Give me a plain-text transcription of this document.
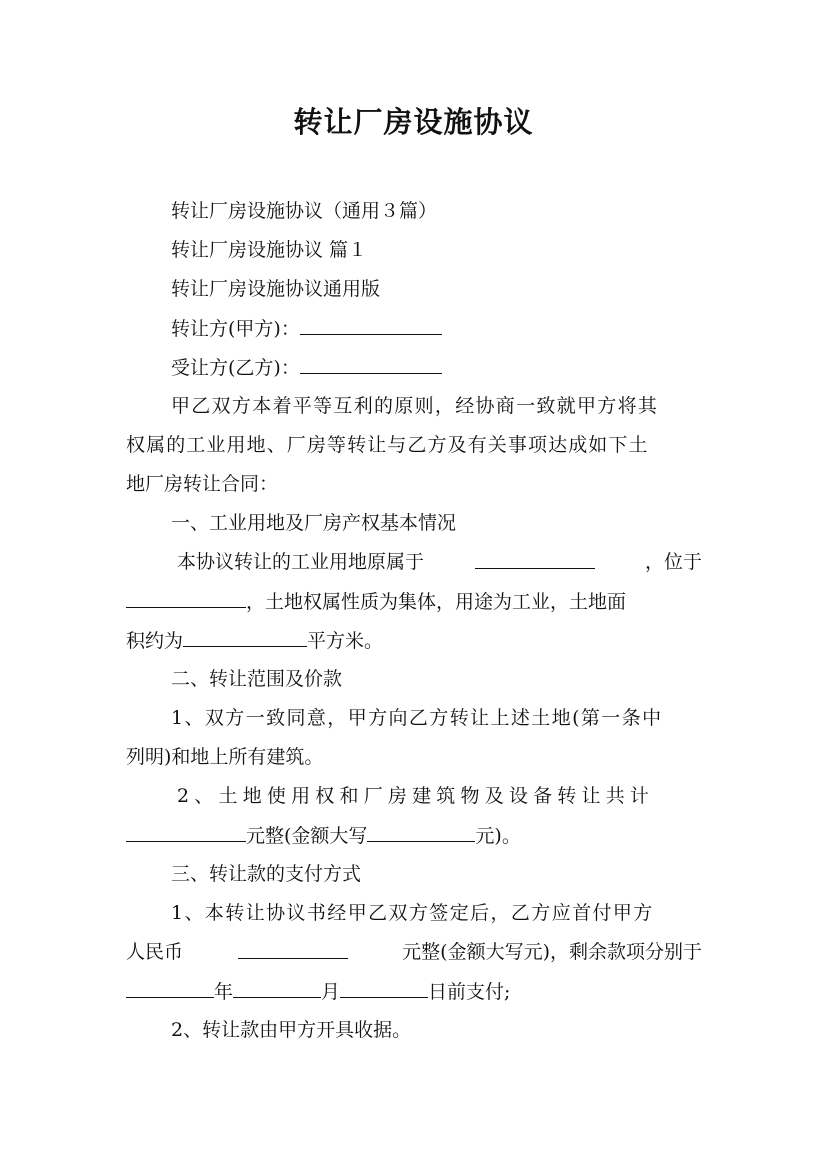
转让厂房设施协议
转让厂房设施协议（通用３篇）
转让厂房设施协议 篇１
转让厂房设施协议通用版
转让方(甲方)：
受让方(乙方)：
甲乙双方本着平等互利的原则，经协商一致就甲方将其
权属的工业用地、厂房等转让与乙方及有关事项达成如下土
地厂房转让合同：
一、工业用地及厂房产权基本情况
本协议转让的工业用地原属于	，位于
，土地权属性质为集体，用途为工业，土地面
积约为	平方米。
二、转让范围及价款
1、双方一致同意，甲方向乙方转让上述土地(第一条中
列明)和地上所有建筑。
2、土地使用权和厂房建筑物及设备转让共计
元整(金额大写	元)。
三、转让款的支付方式
1、本转让协议书经甲乙双方签定后，乙方应首付甲方
人民币	元整(金额大写元)，剩余款项分别于
年	月	日前支付;
2、转让款由甲方开具收据。
